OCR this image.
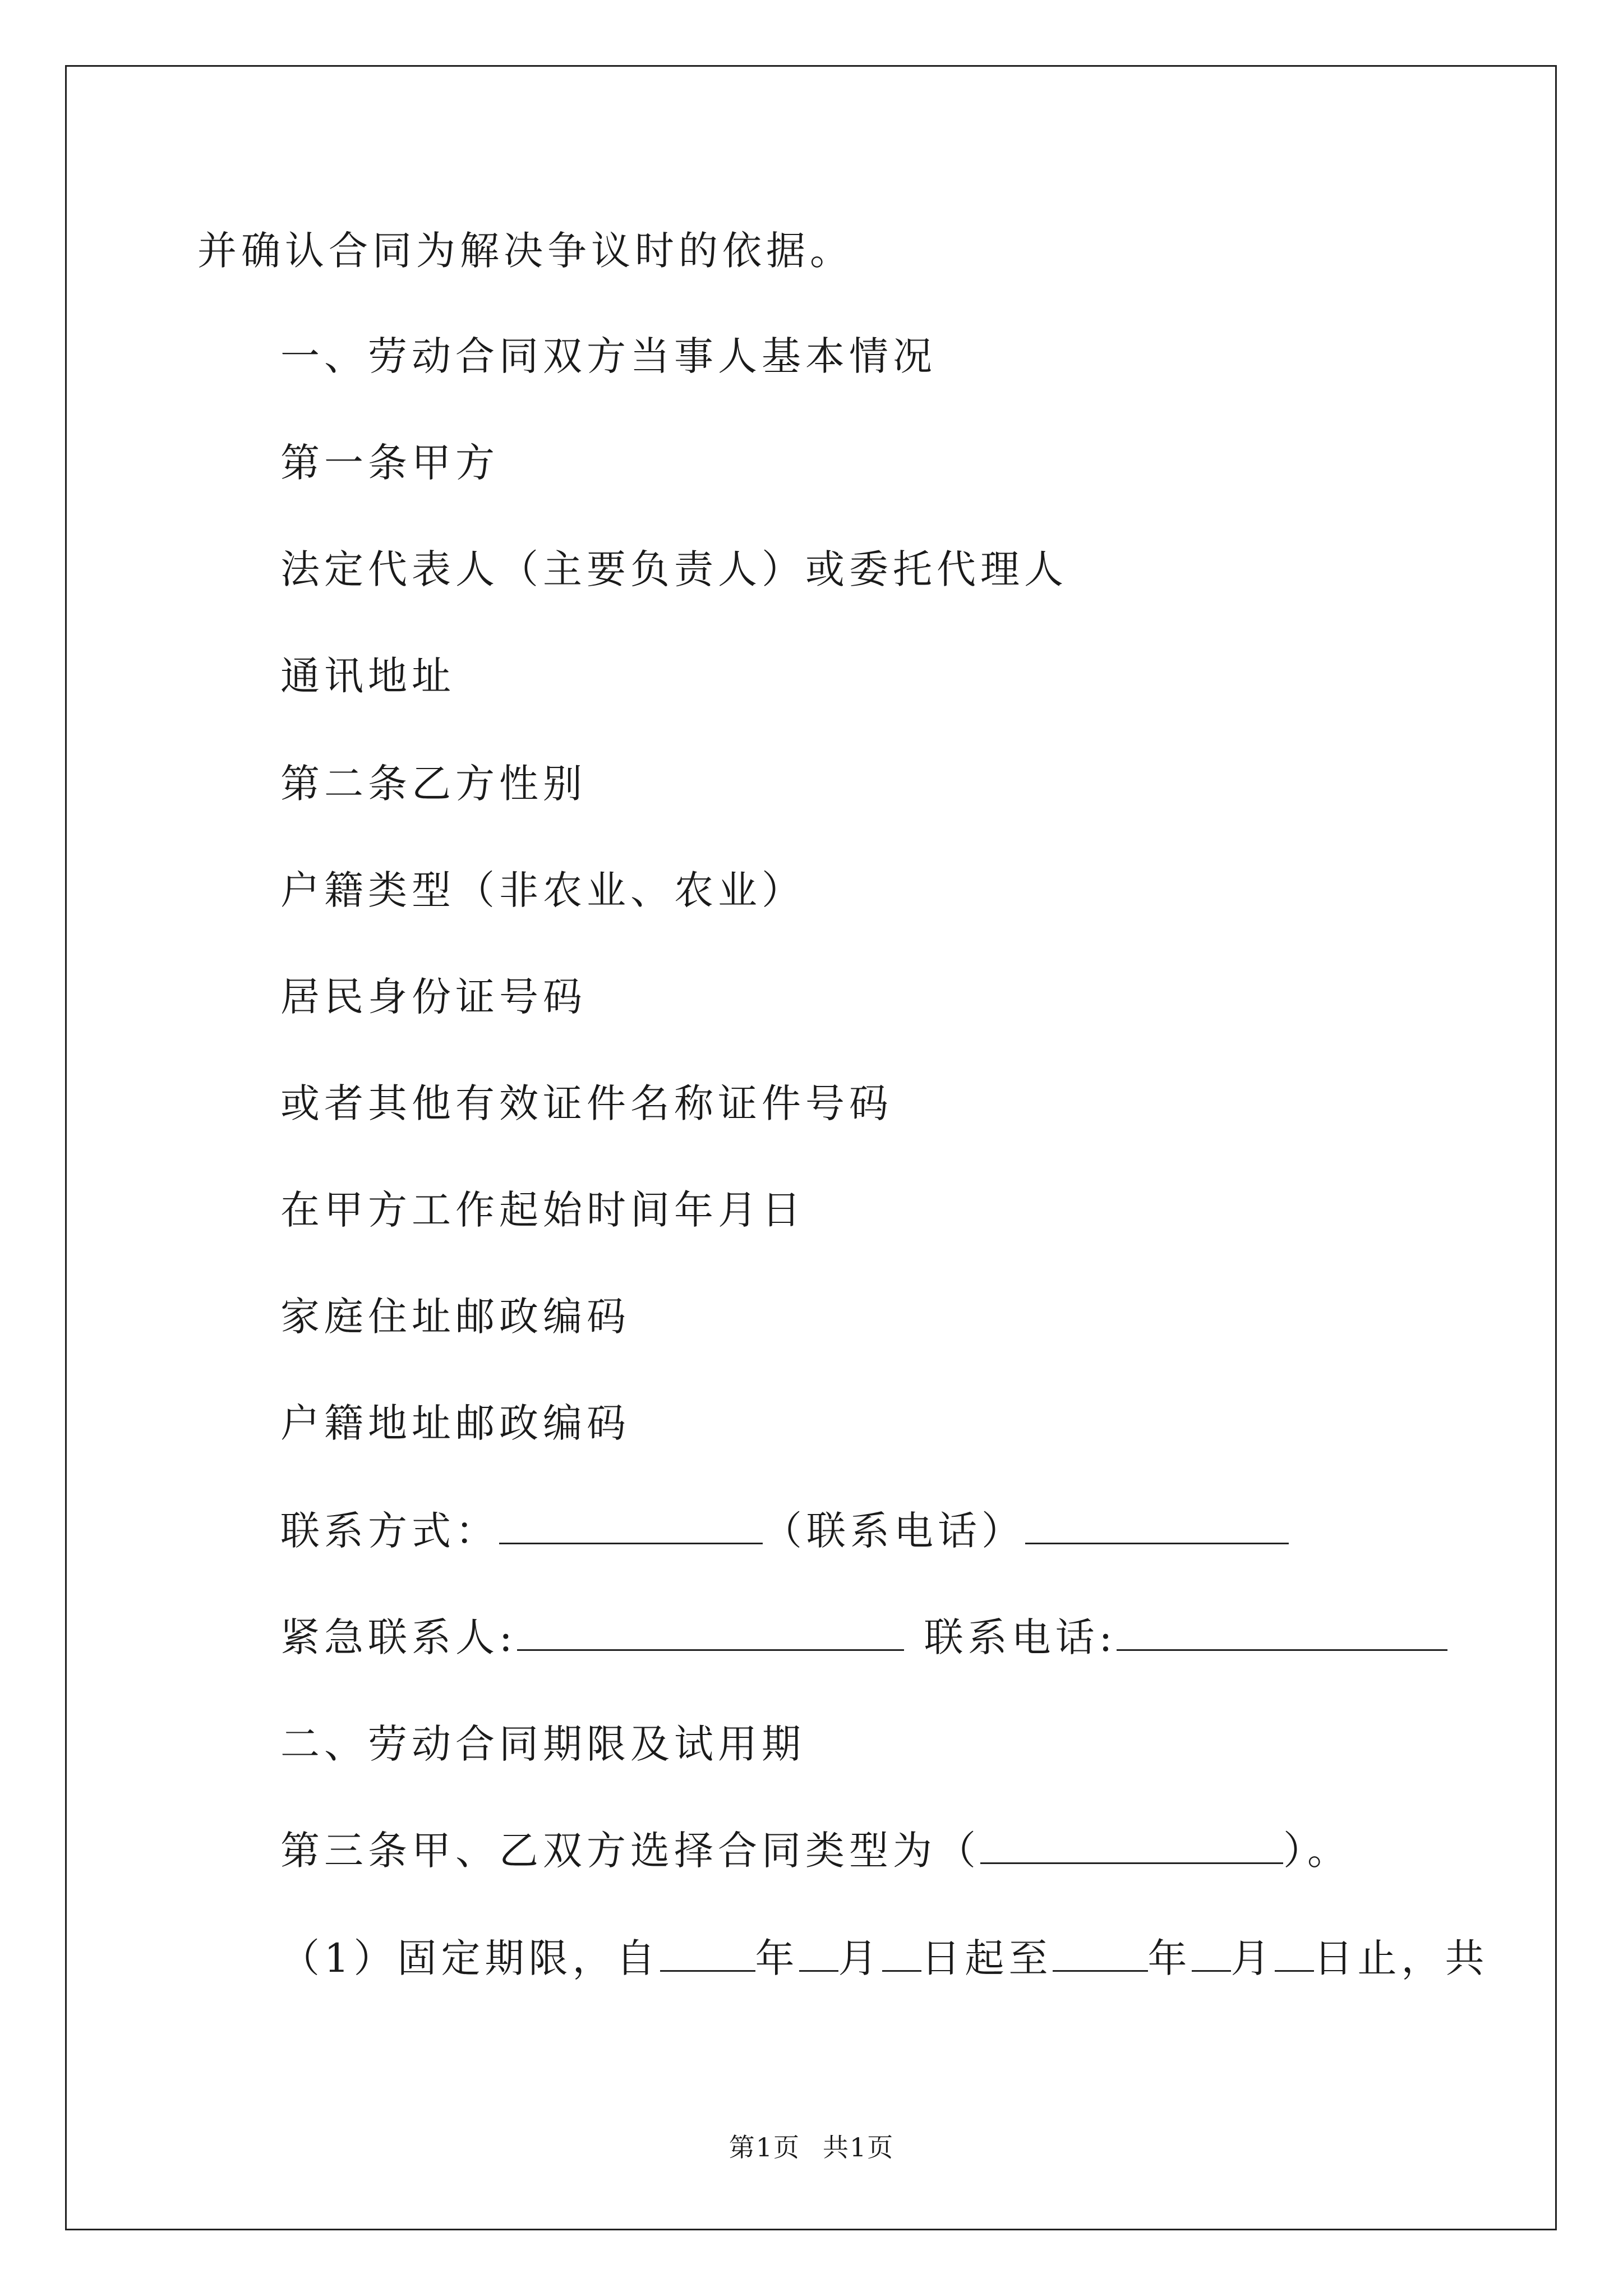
并确认合同为解决争议时的依据。
一、劳动合同双方当事人基本情况
第一条甲方
法定代表人（主要负责人）或委托代理人
通讯地址
第二条乙方性别
户籍类型（非农业、农业）
居民身份证号码
或者其他有效证件名称证件号码
在甲方工作起始时间年月日
家庭住址邮政编码
户籍地址邮政编码
联系方式：	（联系电话）
紧急联系人:	联系电话:
二、劳动合同期限及试用期
第三条甲、乙双方选择合同类型为（	）。
（1）固定期限，自 年 月 日起至 年 月 日止，共
第1页 共1页
